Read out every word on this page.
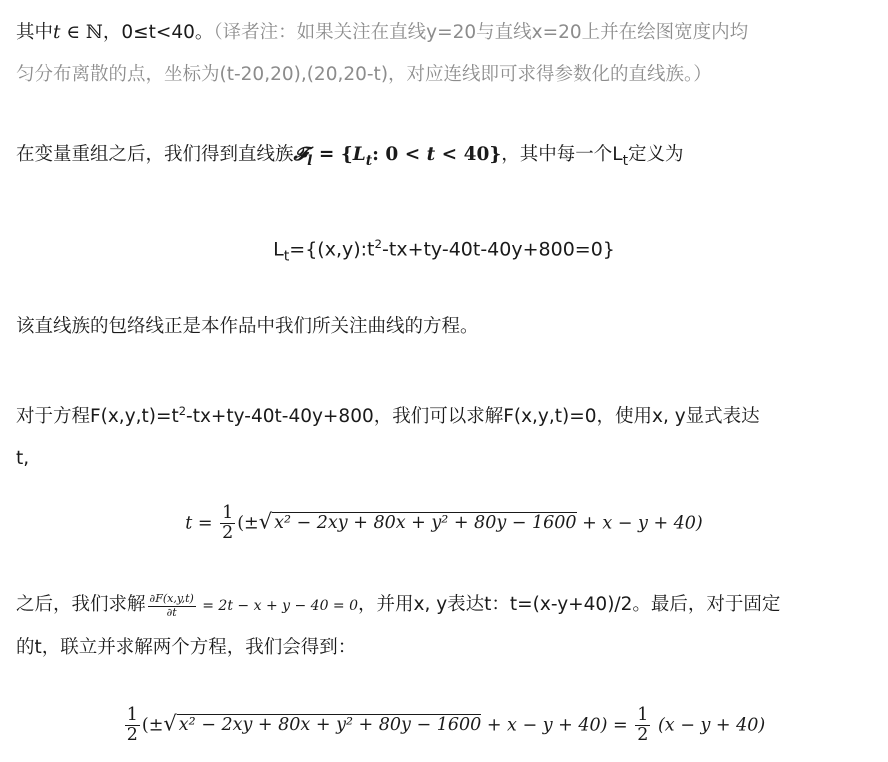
其中t ∈ ℕ，0≤t<40。（译者注：如果关注在直线y=20与直线x=20上并在绘图宽度内均
匀分布离散的点，坐标为(t-20,20),(20,20-t)，对应连线即可求得参数化的直线族。）
在变量重组之后，我们得到直线族𝓕$_l$ = {$L_t$: 0 < t < 40}，其中每一个$L_t$定义为
$L_t=\{(x,y):t^2-tx+ty-40t-40y+800=0\}$
该直线族的包络线正是本作品中我们所关注曲线的方程。
对于方程$F(x,y,t)=t^2-tx+ty-40t-40y+800$，我们可以求解F(x,y,t)=0，使用x, y显式表达
t,
$t = \frac{1}{2}$ (±√ x² − 2xy + 80x + y² + 80y − 1600 + x − y + 40)
之后，我们求解 $\frac{\partial F(x,y,t)}{\partial t} = 2t - x + y - 40 = 0$，并用x, y表达t：t=(x-y+40)/2。最后，对于固定
的t，联立并求解两个方程，我们会得到：
$\frac{1}{2}$ (±√ $x^2 - 2xy + 80x + y^2 + 80y - 1600 + x - y + 40) = \frac{1}{2} (x - y + 40)$
